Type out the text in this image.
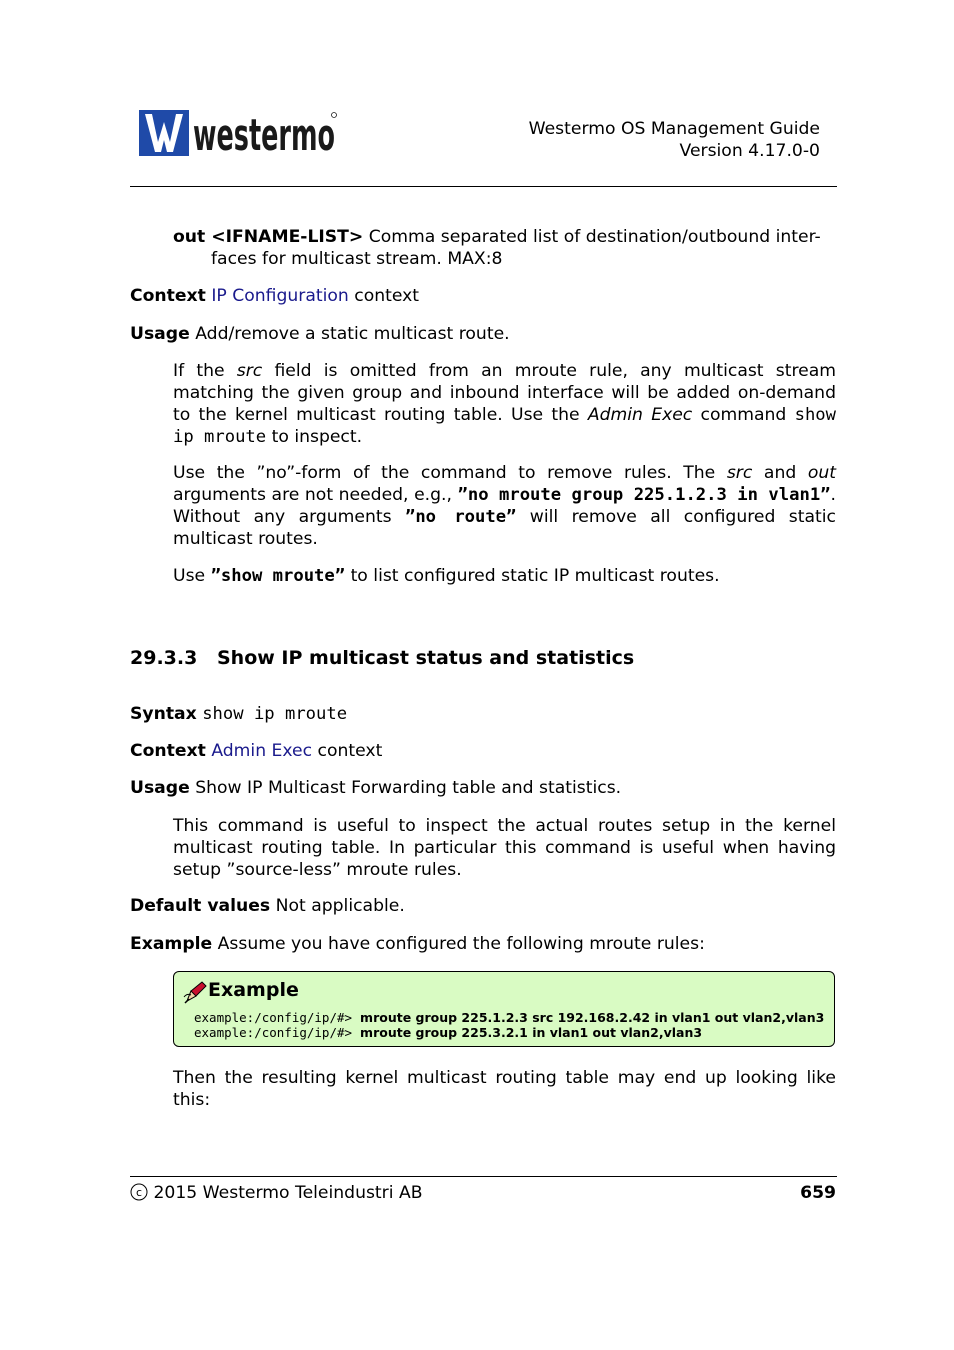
westermo	Westermo OS Management Guide
Version 4.17.0-0
out <IFNAME-LIST> Comma separated list of destination/outbound inter-
faces for multicast stream. MAX:8
Context IP Configuration context
Usage Add/remove a static multicast route.
If the src field is omitted from an mroute rule, any multicast stream matching the given group and inbound interface will be added on-demand to the kernel multicast routing table. Use the Admin Exec command show ip mroute to inspect.
Use the ”no”-form of the command to remove rules. The src and out arguments are not needed, e.g., ”no mroute group 225.1.2.3 in vlan1”. Without any arguments ”no route” will remove all configured static multicast routes.
Use ”show mroute” to list configured static IP multicast routes.
29.3.3 Show IP multicast status and statistics
Syntax show ip mroute
Context Admin Exec context
Usage Show IP Multicast Forwarding table and statistics.
This command is useful to inspect the actual routes setup in the kernel multicast routing table. In particular this command is useful when having setup ”source-less” mroute rules.
Default values Not applicable.
Example Assume you have configured the following mroute rules:
Example
example:/config/ip/#> mroute group 225.1.2.3 src 192.168.2.42 in vlan1 out vlan2,vlan3
example:/config/ip/#> mroute group 225.3.2.1 in vlan1 out vlan2,vlan3
Then the resulting kernel multicast routing table may end up looking like this:
c 2015 Westermo Teleindustri AB	659
